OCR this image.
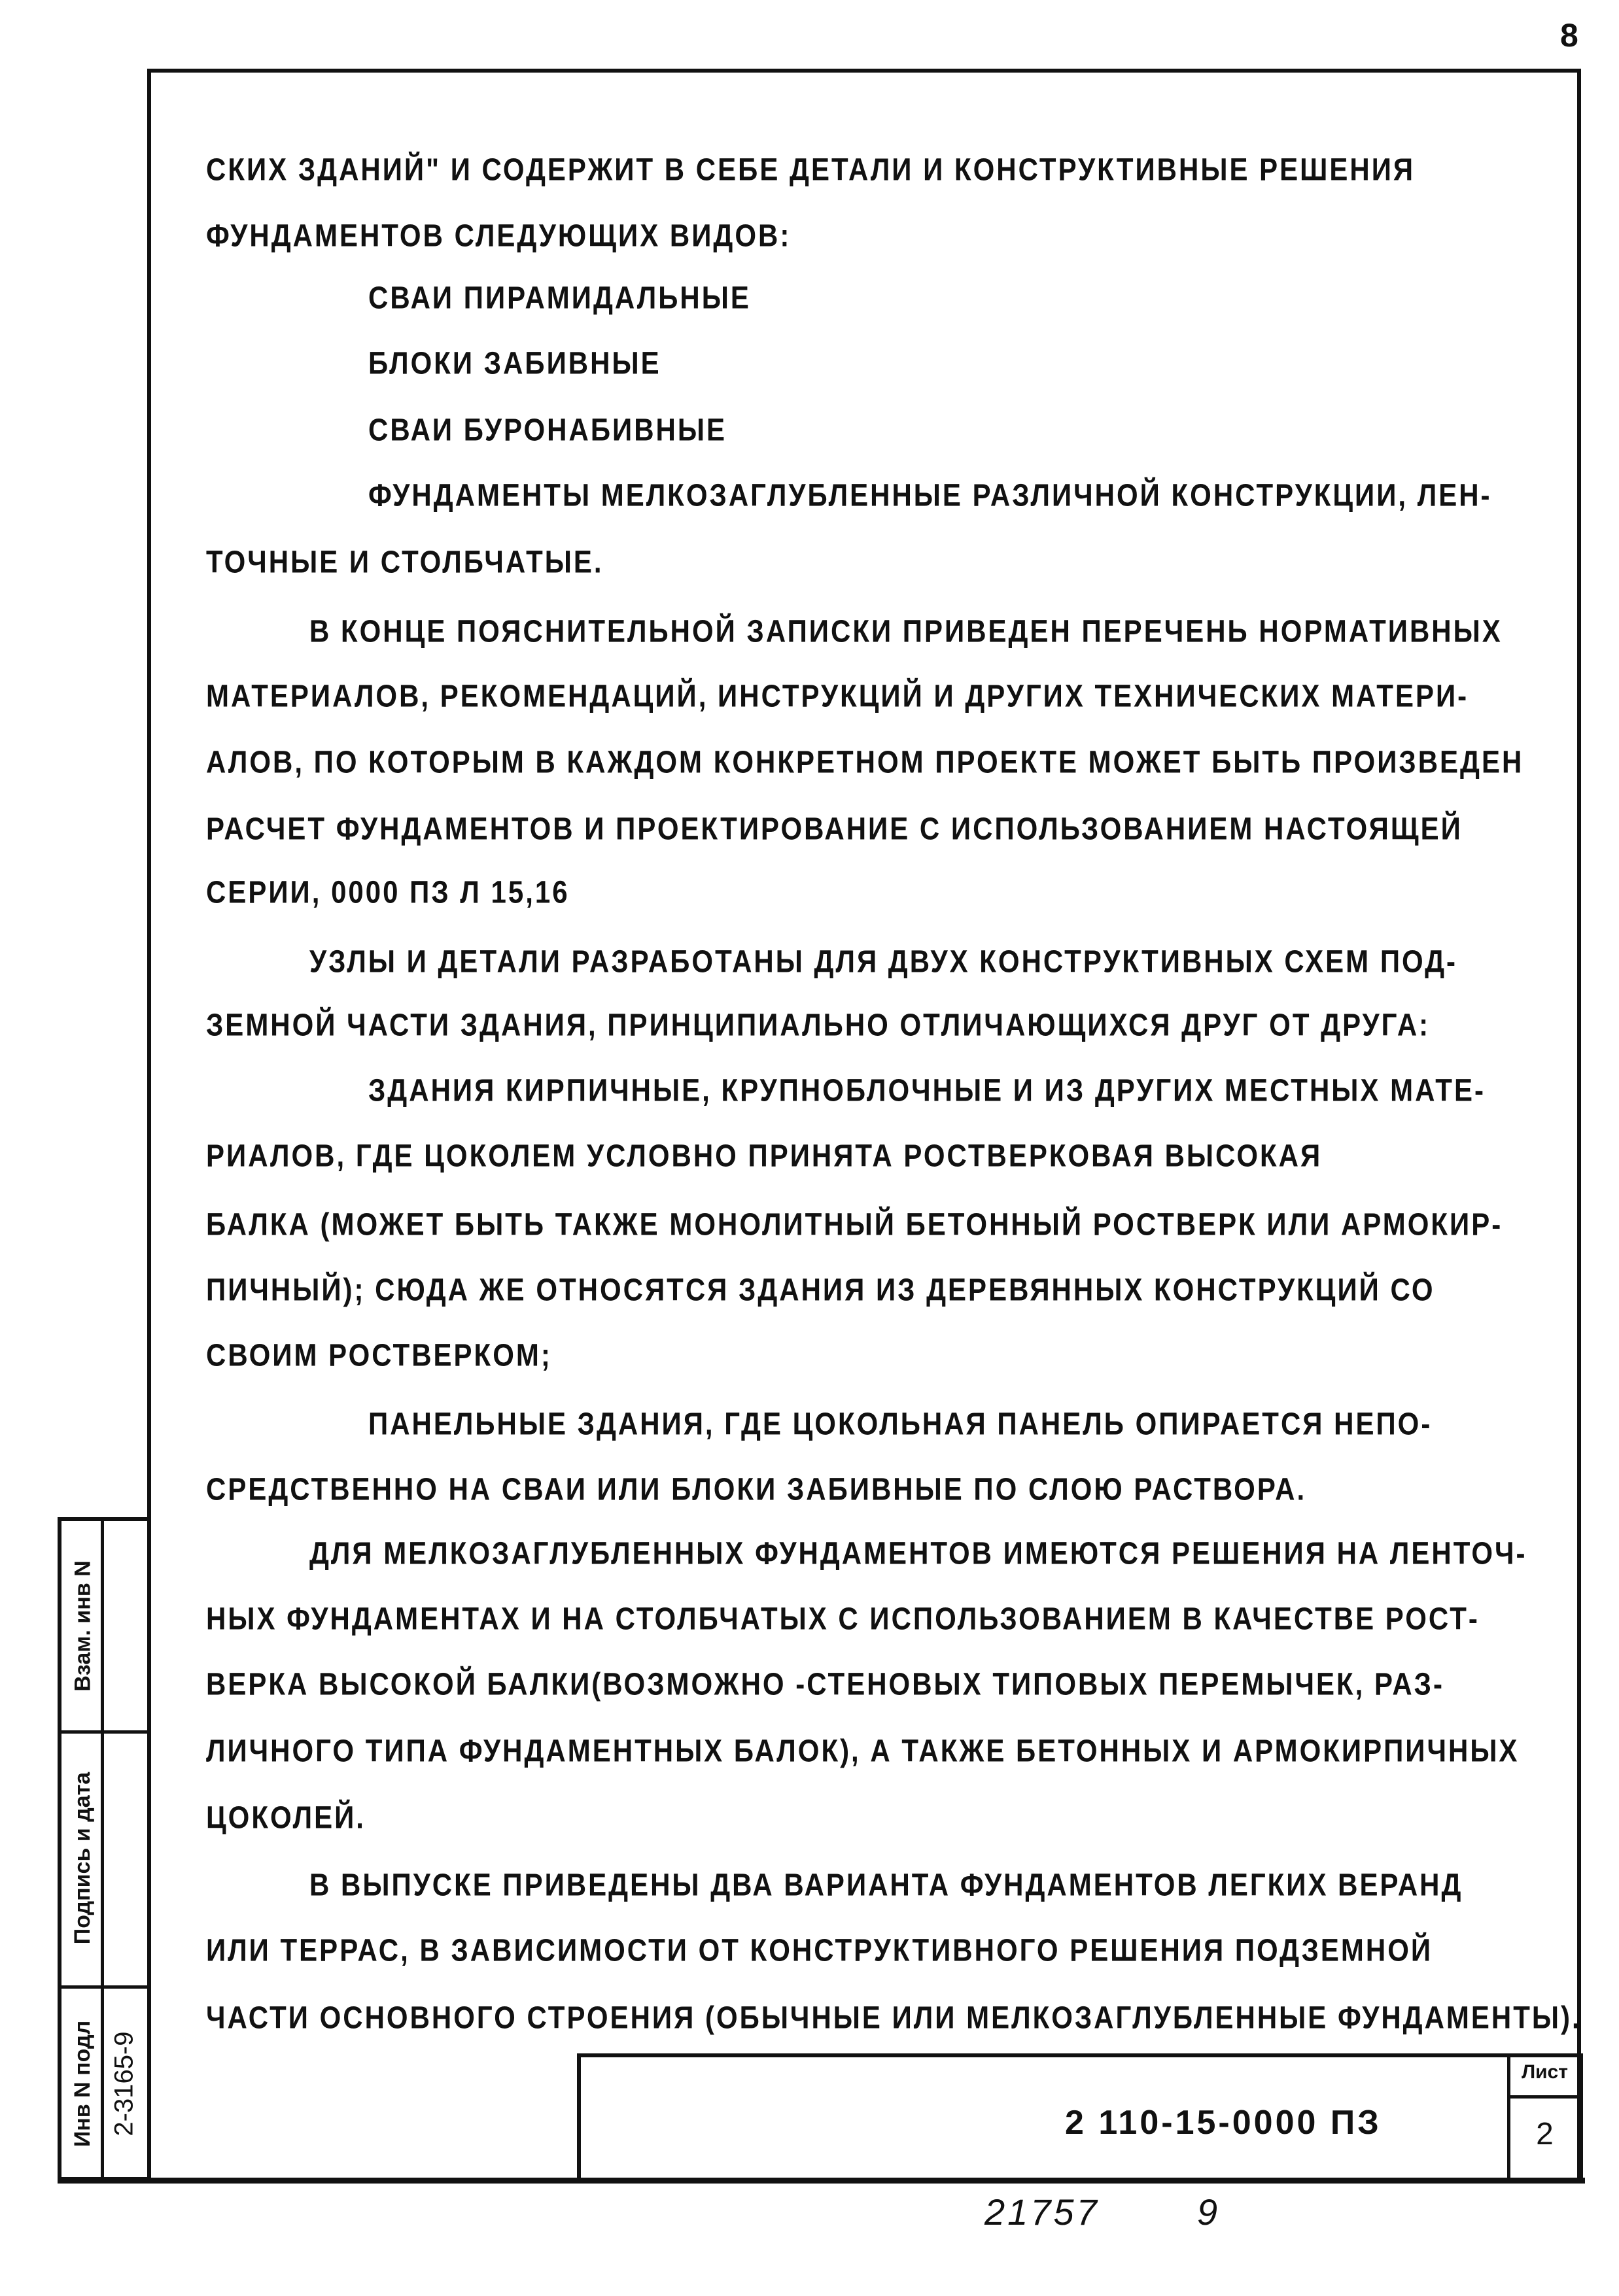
8
СКИХ ЗДАНИЙ" И СОДЕРЖИТ В СЕБЕ ДЕТАЛИ И КОНСТРУКТИВНЫЕ РЕШЕНИЯ
ФУНДАМЕНТОВ СЛЕДУЮЩИХ ВИДОВ:
СВАИ ПИРАМИДАЛЬНЫЕ
БЛОКИ ЗАБИВНЫЕ
СВАИ БУРОНАБИВНЫЕ
ФУНДАМЕНТЫ МЕЛКОЗАГЛУБЛЕННЫЕ РАЗЛИЧНОЙ КОНСТРУКЦИИ, ЛЕН-
ТОЧНЫЕ И СТОЛБЧАТЫЕ.
В КОНЦЕ ПОЯСНИТЕЛЬНОЙ ЗАПИСКИ ПРИВЕДЕН ПЕРЕЧЕНЬ НОРМАТИВНЫХ
МАТЕРИАЛОВ, РЕКОМЕНДАЦИЙ, ИНСТРУКЦИЙ И ДРУГИХ ТЕХНИЧЕСКИХ МАТЕРИ-
АЛОВ, ПО КОТОРЫМ В КАЖДОМ КОНКРЕТНОМ ПРОЕКТЕ МОЖЕТ БЫТЬ ПРОИЗВЕДЕН
РАСЧЕТ ФУНДАМЕНТОВ И ПРОЕКТИРОВАНИЕ С ИСПОЛЬЗОВАНИЕМ НАСТОЯЩЕЙ
СЕРИИ, 0000 ПЗ Л 15,16
УЗЛЫ И ДЕТАЛИ РАЗРАБОТАНЫ ДЛЯ ДВУХ КОНСТРУКТИВНЫХ СХЕМ ПОД-
ЗЕМНОЙ ЧАСТИ ЗДАНИЯ, ПРИНЦИПИАЛЬНО ОТЛИЧАЮЩИХСЯ ДРУГ ОТ ДРУГА:
ЗДАНИЯ КИРПИЧНЫЕ, КРУПНОБЛОЧНЫЕ И ИЗ ДРУГИХ МЕСТНЫХ МАТЕ-
РИАЛОВ, ГДЕ ЦОКОЛЕМ УСЛОВНО ПРИНЯТА РОСТВЕРКОВАЯ ВЫСОКАЯ
БАЛКА (МОЖЕТ БЫТЬ ТАКЖЕ МОНОЛИТНЫЙ БЕТОННЫЙ РОСТВЕРК ИЛИ АРМОКИР-
ПИЧНЫЙ); СЮДА ЖЕ ОТНОСЯТСЯ ЗДАНИЯ ИЗ ДЕРЕВЯННЫХ КОНСТРУКЦИЙ СО
СВОИМ РОСТВЕРКОМ;
ПАНЕЛЬНЫЕ ЗДАНИЯ, ГДЕ ЦОКОЛЬНАЯ ПАНЕЛЬ ОПИРАЕТСЯ НЕПО-
СРЕДСТВЕННО НА СВАИ ИЛИ БЛОКИ ЗАБИВНЫЕ ПО СЛОЮ РАСТВОРА.
ДЛЯ МЕЛКОЗАГЛУБЛЕННЫХ ФУНДАМЕНТОВ ИМЕЮТСЯ РЕШЕНИЯ НА ЛЕНТОЧ-
НЫХ ФУНДАМЕНТАХ И НА СТОЛБЧАТЫХ С ИСПОЛЬЗОВАНИЕМ В КАЧЕСТВЕ РОСТ-
ВЕРКА ВЫСОКОЙ БАЛКИ(ВОЗМОЖНО -СТЕНОВЫХ ТИПОВЫХ ПЕРЕМЫЧЕК, РАЗ-
ЛИЧНОГО ТИПА ФУНДАМЕНТНЫХ БАЛОК), А ТАКЖЕ БЕТОННЫХ И АРМОКИРПИЧНЫХ
ЦОКОЛЕЙ.
В ВЫПУСКЕ ПРИВЕДЕНЫ ДВА ВАРИАНТА ФУНДАМЕНТОВ ЛЕГКИХ ВЕРАНД
ИЛИ ТЕРРАС, В ЗАВИСИМОСТИ ОТ КОНСТРУКТИВНОГО РЕШЕНИЯ ПОДЗЕМНОЙ
ЧАСТИ ОСНОВНОГО СТРОЕНИЯ (ОБЫЧНЫЕ ИЛИ МЕЛКОЗАГЛУБЛЕННЫЕ ФУНДАМЕНТЫ).
Взам. инв N
Подпись и дата
Инв N подл 2-3165-9	2 110-15-0000 ПЗ
Лист
2
21757	9
